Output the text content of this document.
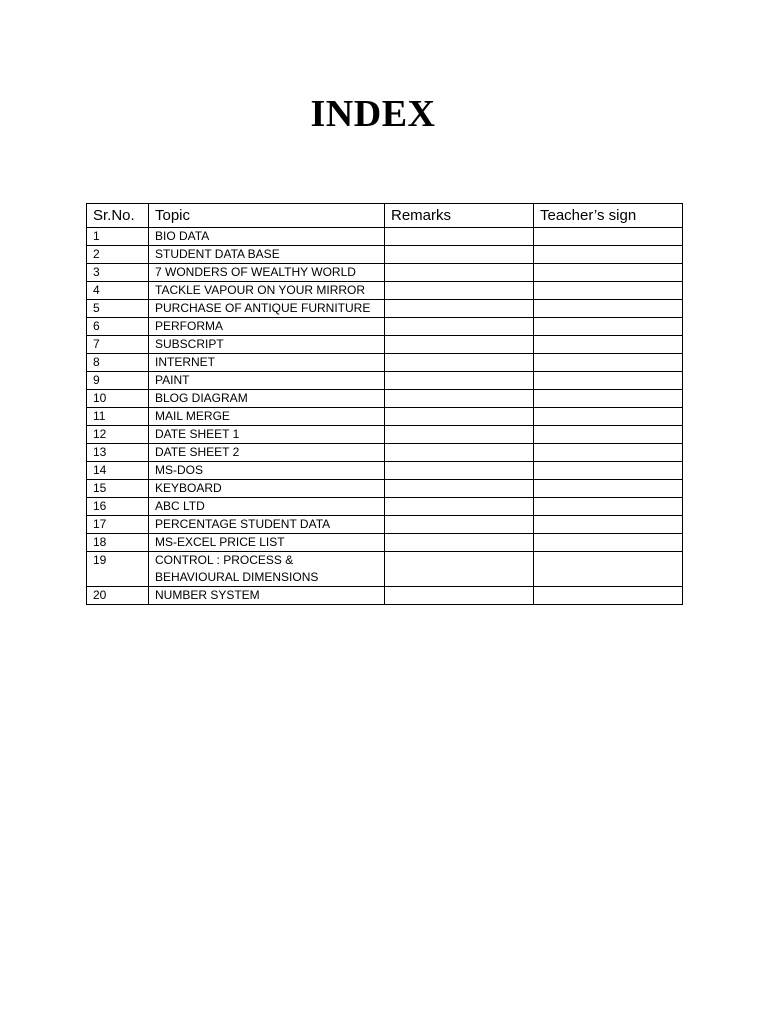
INDEX
Sr.No.	Topic	Remarks	Teacher’s sign
1	BIO DATA		
2	STUDENT DATA BASE		
3	7 WONDERS OF WEALTHY WORLD		
4	TACKLE VAPOUR ON YOUR MIRROR		
5	PURCHASE OF ANTIQUE FURNITURE		
6	PERFORMA		
7	SUBSCRIPT		
8	INTERNET		
9	PAINT		
10	BLOG DIAGRAM		
11	MAIL MERGE		
12	DATE SHEET 1		
13	DATE SHEET 2		
14	MS-DOS		
15	KEYBOARD		
16	ABC LTD		
17	PERCENTAGE STUDENT DATA		
18	MS-EXCEL PRICE LIST		
19	CONTROL : PROCESS & BEHAVIOURAL DIMENSIONS		
20	NUMBER SYSTEM		
